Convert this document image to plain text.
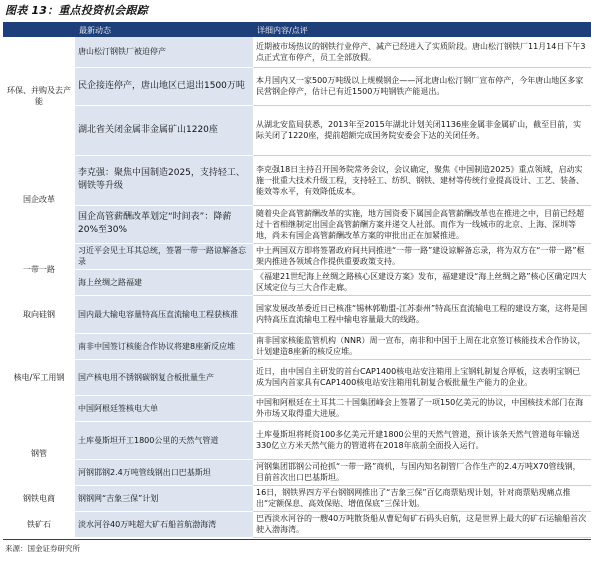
图表 13：重点投资机会跟踪
	最新动态	详细内容/点评
环保、并购及去产能	唐山松汀钢铁厂被迫停产	近期被市场热议的钢铁行业停产、减产已经进入了实质阶段。唐山松汀钢铁厂11月14日下午3点正式宣布停产，员工全部放假。
	民企接连停产，唐山地区已退出1500万吨	本月国内又一家500万吨级以上规模钢企——河北唐山松汀钢厂宣布停产，今年唐山地区多家民营钢企停产，估计已有近1500万吨钢铁产能退出。
	湖北省关闭金属非金属矿山1220座	从湖北安监局获悉，2013年至2015年湖北计划关闭1136座金属非金属矿山，截至目前，实际关闭了1220座，提前超额完成国务院安委会下达的关闭任务。
国企改革	李克强：聚焦中国制造2025，支持轻工、钢铁等升级	李克强18日主持召开国务院常务会议，会议确定，聚焦《中国制造2025》重点领域，启动实施一批重大技术升级工程，支持轻工、纺织、钢铁、建材等传统行业提高设计、工艺、装备、能效等水平，有效降低成本。
	国企高管薪酬改革划定“时间表”：降薪20%至30%	随着央企高管薪酬改革的实施，地方国资委下属国企高管薪酬改革也在推进之中，目前已经超过十省相继制定出国企高管薪酬方案并递交人社部。而作为一线城市的北京、上海、深圳等地，尚未有国企高管薪酬改革方案的审批出正在加紧推进。
一带一路	习近平会见土耳其总统，签署一带一路谅解备忘录	中土两国双方即将签署政府间共同推进“一带一路”建设谅解备忘录，将为双方在“一带一路”框架内推进各领域合作提供重要政策支持。
	海上丝绸之路福建	《福建21世纪海上丝绸之路核心区建设方案》发布，福建建设“海上丝绸之路”核心区确定四大区域定位与三大合作走廊。
取向硅钢	国内最大输电容量特高压直流输电工程获核准	国家发展改革委近日已核准“锡林郭勒盟-江苏泰州”特高压直流输电工程的建设方案，这将是国内特高压直流输电工程中输电容量最大的线路。
核电/军工用钢	南非中国签订核能合作协议将建8座新反应堆	南非国家核能监管机构（NNR）周一宣布，南非和中国于上周在北京签订核能技术合作协议，计划建造8座新的核反应堆。
	国产核电用不锈钢碳钢复合板批量生产	近日，由中国自主研发的首台CAP1400核电站安注箱用上宝钢轧制复合厚板，这表明宝钢已成为国内首家具有CAP1400核电站安注箱用轧制复合板批量生产能力的企业。
	中国阿根廷签核电大单	中国和阿根廷在土耳其二十国集团峰会上签署了一项150亿美元的协议，中国核技术部门在海外市场又取得重大进展。
钢管	土库曼斯坦开工1800公里的天然气管道	土库曼斯坦将耗资100多亿美元开建1800公里的天然气管道，预计该条天然气管道每年输送330亿立方米天然气能力的管道将在2018年底前全面投入运行。
	河钢邯钢2.4万吨管线钢出口巴基斯坦	河钢集团邯钢公司抢抓“一带一路”商机，与国内知名制管厂合作生产的2.4万吨X70管线钢，目前首次出口巴基斯坦。
钢铁电商	钢钢网“吉象三保”计划	16日，钢铁界四方平台钢钢网推出了“吉象三保”百亿商票贴现计划，针对商票贴现痛点推出“定额保息、高效保贴、增值保底”三保计划。
铁矿石	淡水河谷40万吨超大矿石船首航渤海湾	巴西淡水河谷的一艘40万吨散货船从曹妃甸矿石码头启航，这是世界上最大的矿石运输船首次驶入渤海湾。
来源：国金证券研究所
